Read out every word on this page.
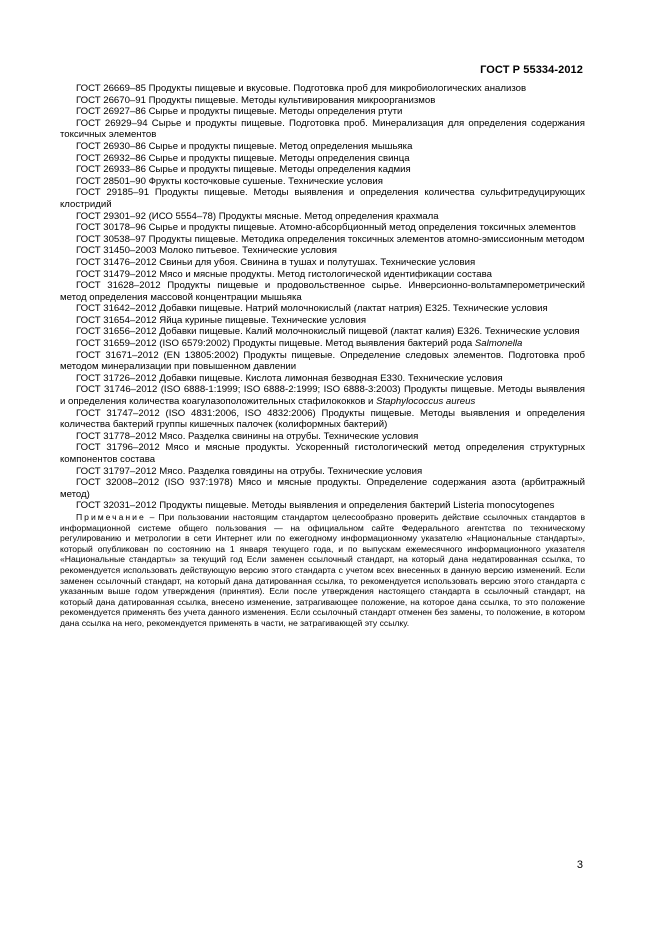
ГОСТ Р 55334-2012

ГОСТ 26669–85 Продукты пищевые и вкусовые. Подготовка проб для микробиологических анализов

ГОСТ 26670–91 Продукты пищевые. Методы культивирования микроорганизмов

ГОСТ 26927–86 Сырье и продукты пищевые. Методы определения ртути

ГОСТ 26929–94 Сырье и продукты пищевые. Подготовка проб. Минерализация для определения содержания токсичных элементов

ГОСТ 26930–86 Сырье и продукты пищевые. Метод определения мышьяка

ГОСТ 26932–86 Сырье и продукты пищевые. Методы определения свинца

ГОСТ 26933–86 Сырье и продукты пищевые. Методы определения кадмия

ГОСТ 28501–90 Фрукты косточковые сушеные. Технические условия

ГОСТ 29185–91 Продукты пищевые. Методы выявления и определения количества сульфитредуцирующих клостридий

ГОСТ 29301–92 (ИСО 5554–78) Продукты мясные. Метод определения крахмала

ГОСТ 30178–96 Сырье и продукты пищевые. Атомно-абсорбционный метод определения токсичных элементов

ГОСТ 30538–97 Продукты пищевые. Методика определения токсичных элементов атомно-эмиссионным методом

ГОСТ 31450–2003 Молоко питьевое. Технические условия

ГОСТ 31476–2012 Свиньи для убоя. Свинина в тушах и полутушах. Технические условия

ГОСТ 31479–2012 Мясо и мясные продукты. Метод гистологической идентификации состава

ГОСТ 31628–2012 Продукты пищевые и продовольственное сырье. Инверсионно-вольтамперометрический метод определения массовой концентрации мышьяка

ГОСТ 31642–2012 Добавки пищевые. Натрий молочнокислый (лактат натрия) Е325. Технические условия

ГОСТ 31654–2012 Яйца куриные пищевые. Технические условия

ГОСТ 31656–2012 Добавки пищевые. Калий молочнокислый пищевой (лактат калия) Е326. Технические условия

ГОСТ 31659–2012 (ISO 6579:2002) Продукты пищевые. Метод выявления бактерий рода Salmonella

ГОСТ 31671–2012 (EN 13805:2002) Продукты пищевые. Определение следовых элементов. Подготовка проб методом минерализации при повышенном давлении

ГОСТ 31726–2012 Добавки пищевые. Кислота лимонная безводная Е330. Технические условия

ГОСТ 31746–2012 (ISO 6888-1:1999; ISO 6888-2:1999; ISO 6888-3:2003) Продукты пищевые. Методы выявления и определения количества коагулазоположительных стафилококков и Staphylococcus aureus

ГОСТ 31747–2012 (ISO 4831:2006, ISO 4832:2006) Продукты пищевые. Методы выявления и определения количества бактерий группы кишечных палочек (колиформных бактерий)

ГОСТ 31778–2012 Мясо. Разделка свинины на отрубы. Технические условия

ГОСТ 31796–2012 Мясо и мясные продукты. Ускоренный гистологический метод определения структурных компонентов состава

ГОСТ 31797–2012 Мясо. Разделка говядины на отрубы. Технические условия

ГОСТ 32008–2012 (ISO 937:1978) Мясо и мясные продукты. Определение содержания азота (арбитражный метод)

ГОСТ 32031–2012 Продукты пищевые. Методы выявления и определения бактерий Listeria monocytogenes

Примечание – При пользовании настоящим стандартом целесообразно проверить действие ссылочных стандартов в информационной системе общего пользования — на официальном сайте Федерального агентства по техническому регулированию и метрологии в сети Интернет или по ежегодному информационному указателю «Национальные стандарты», который опубликован по состоянию на 1 января текущего года, и по выпускам ежемесячного информационного указателя «Национальные стандарты» за текущий год Если заменен ссылочный стандарт, на который дана недатированная ссылка, то рекомендуется использовать действующую версию этого стандарта с учетом всех внесенных в данную версию изменений. Если заменен ссылочный стандарт, на который дана датированная ссылка, то рекомендуется использовать версию этого стандарта с указанным выше годом утверждения (принятия). Если после утверждения настоящего стандарта в ссылочный стандарт, на который дана датированная ссылка, внесено изменение, затрагивающее положение, на которое дана ссылка, то это положение рекомендуется применять без учета данного изменения. Если ссылочный стандарт отменен без замены, то положение, в котором дана ссылка на него, рекомендуется применять в части, не затрагивающей эту ссылку.

3
